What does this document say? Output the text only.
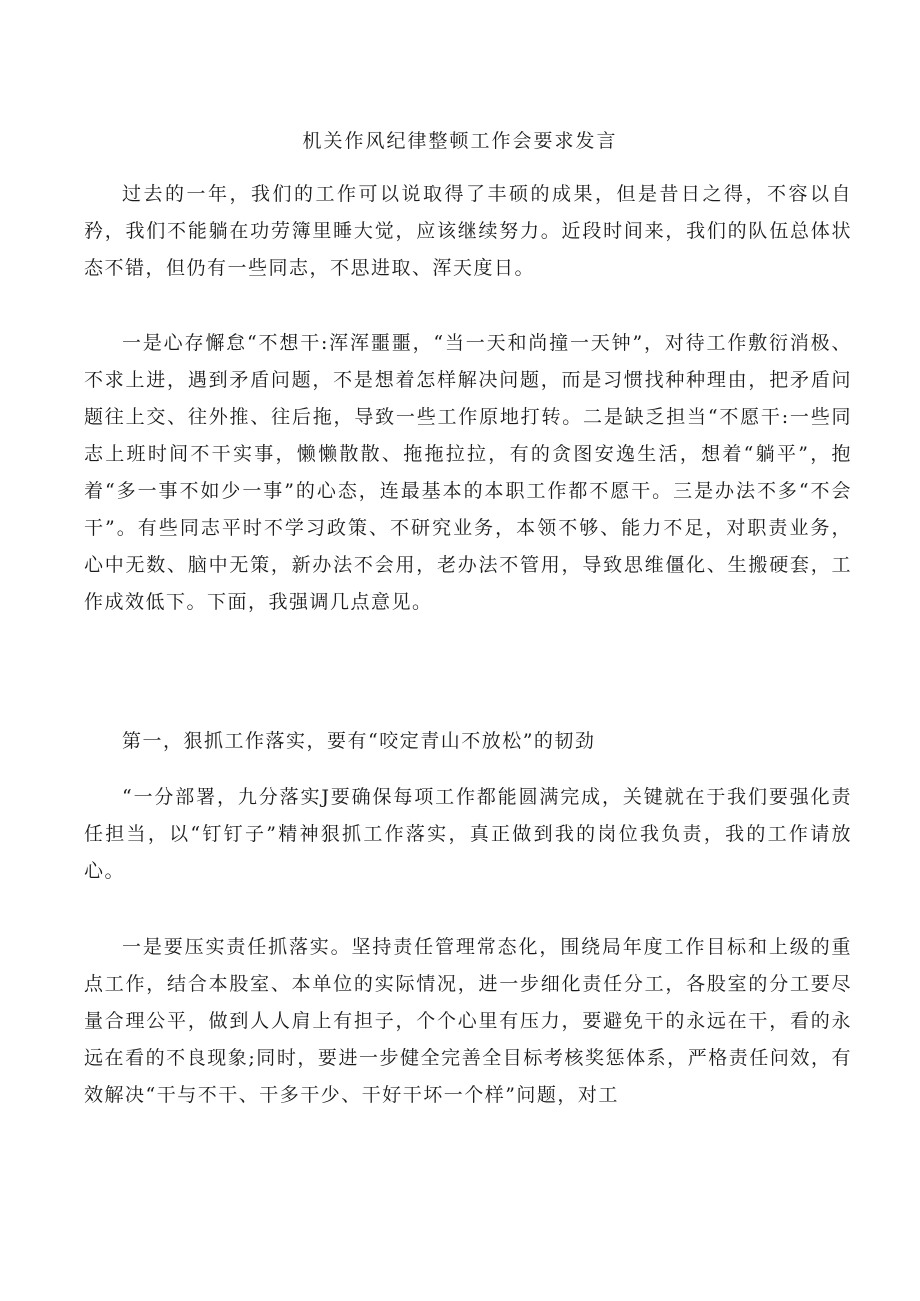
机关作风纪律整顿工作会要求发言

过去的一年，我们的工作可以说取得了丰硕的成果，但是昔日之得，不容以自矜，我们不能躺在功劳簿里睡大觉，应该继续努力。近段时间来，我们的队伍总体状态不错，但仍有一些同志，不思进取、浑天度日。

一是心存懈怠“不想干:浑浑噩噩，“当一天和尚撞一天钟”，对待工作敷衍消极、不求上进，遇到矛盾问题，不是想着怎样解决问题，而是习惯找种种理由，把矛盾问题往上交、往外推、往后拖，导致一些工作原地打转。二是缺乏担当“不愿干:一些同志上班时间不干实事，懒懒散散、拖拖拉拉，有的贪图安逸生活，想着“躺平”，抱着“多一事不如少一事”的心态，连最基本的本职工作都不愿干。三是办法不多“不会干”。有些同志平时不学习政策、不研究业务，本领不够、能力不足，对职责业务，心中无数、脑中无策，新办法不会用，老办法不管用，导致思维僵化、生搬硬套，工作成效低下。下面，我强调几点意见。

第一，狠抓工作落实，要有“咬定青山不放松”的韧劲

“一分部署，九分落实J要确保每项工作都能圆满完成，关键就在于我们要强化责任担当，以“钉钉子”精神狠抓工作落实，真正做到我的岗位我负责，我的工作请放心。

一是要压实责任抓落实。坚持责任管理常态化，围绕局年度工作目标和上级的重点工作，结合本股室、本单位的实际情况，进一步细化责任分工，各股室的分工要尽量合理公平，做到人人肩上有担子，个个心里有压力，要避免干的永远在干，看的永远在看的不良现象;同时，要进一步健全完善全目标考核奖惩体系，严格责任问效，有效解决“干与不干、干多干少、干好干坏一个样”问题，对工
